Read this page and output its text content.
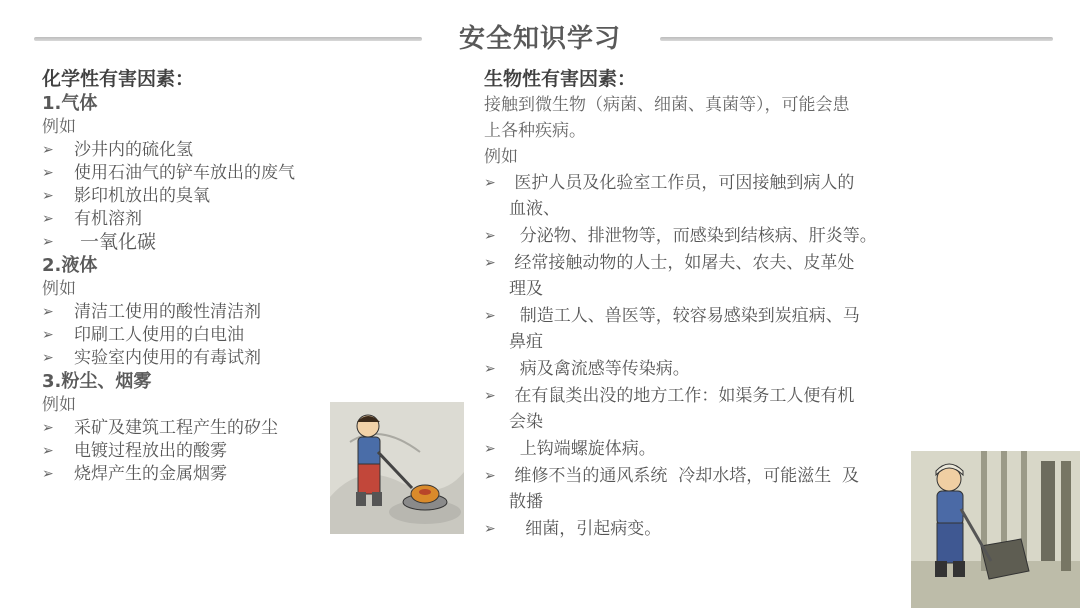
安全知识学习
化学性有害因素：
1.气体
例如
➢	沙井内的硫化氢
➢	使用石油气的铲车放出的废气
➢	影印机放出的臭氧
➢	有机溶剂
➢	一氧化碳
2.液体
例如
➢	清洁工使用的酸性清洁剂
➢	印刷工人使用的白电油
➢	实验室内使用的有毒试剂
3.粉尘、烟雾
例如
➢	采矿及建筑工程产生的矽尘
➢	电镀过程放出的酸雾
➢	烧焊产生的金属烟雾
生物性有害因素：
接触到微生物（病菌、细菌、真菌等），可能会患
上各种疾病。
例如
➢ 医护人员及化验室工作员，可因接触到病人的
血液、
➢ 分泌物、排泄物等，而感染到结核病、肝炎等。
➢ 经常接触动物的人士，如屠夫、农夫、皮革处
理及
➢ 制造工人、兽医等，较容易感染到炭疽病、马
鼻疽
➢ 病及禽流感等传染病。
➢ 在有鼠类出没的地方工作：如渠务工人便有机
会染
➢ 上钩端螺旋体病。
➢ 维修不当的通风系统  冷却水塔，可能滋生  及
散播
➢ 细菌，引起病变。
